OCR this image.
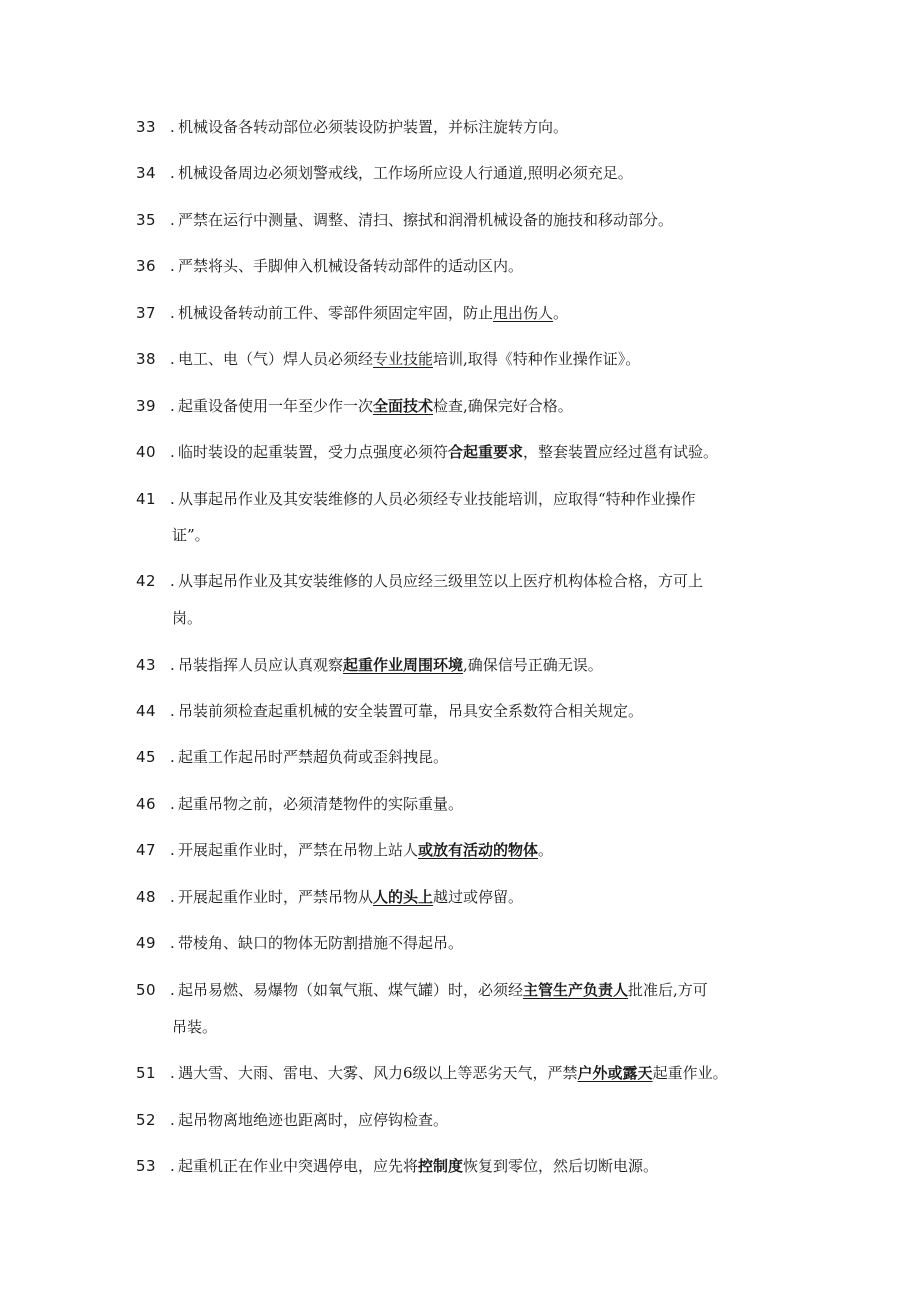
33 . 机械设备各转动部位必须装设防护装置，并标注旋转方向。
34 . 机械设备周边必须划警戒线，工作场所应设人行通道,照明必须充足。
35 . 严禁在运行中测量、调整、清扫、擦拭和润滑机械设备的施技和移动部分。
36 . 严禁将头、手脚伸入机械设备转动部件的适动区内。
37 . 机械设备转动前工件、零部件须固定牢固，防止甩出伤人。
38 . 电工、电（气）焊人员必须经专业技能培训,取得《特种作业操作证》。
39 . 起重设备使用一年至少作一次全面技术检查,确保完好合格。
40 . 临时装设的起重装置，受力点强度必须符合起重要求，整套装置应经过邕有试验。
41 . 从事起吊作业及其安装维修的人员必须经专业技能培训，应取得“特种作业操作
证”。
42 . 从事起吊作业及其安装维修的人员应经三级里笠以上医疗机构体检合格，方可上
岗。
43 . 吊装指挥人员应认真观察起重作业周围环境,确保信号正确无误。
44 . 吊装前须检查起重机械的安全装置可靠，吊具安全系数符合相关规定。
45 . 起重工作起吊时严禁超负荷或歪斜拽昆。
46 . 起重吊物之前，必须清楚物件的实际重量。
47 . 开展起重作业时，严禁在吊物上站人或放有活动的物体。
48 . 开展起重作业时，严禁吊物从人的头上越过或停留。
49 . 带棱角、缺口的物体无防割措施不得起吊。
50 . 起吊易燃、易爆物（如氧气瓶、煤气罐）时，必须经主管生产负责人批准后,方可
吊装。
51 . 遇大雪、大雨、雷电、大雾、风力6级以上等恶劣天气，严禁户外或露天起重作业。
52 . 起吊物离地绝迹也距离时，应停钩检查。
53 . 起重机正在作业中突遇停电，应先将控制度恢复到零位，然后切断电源。
